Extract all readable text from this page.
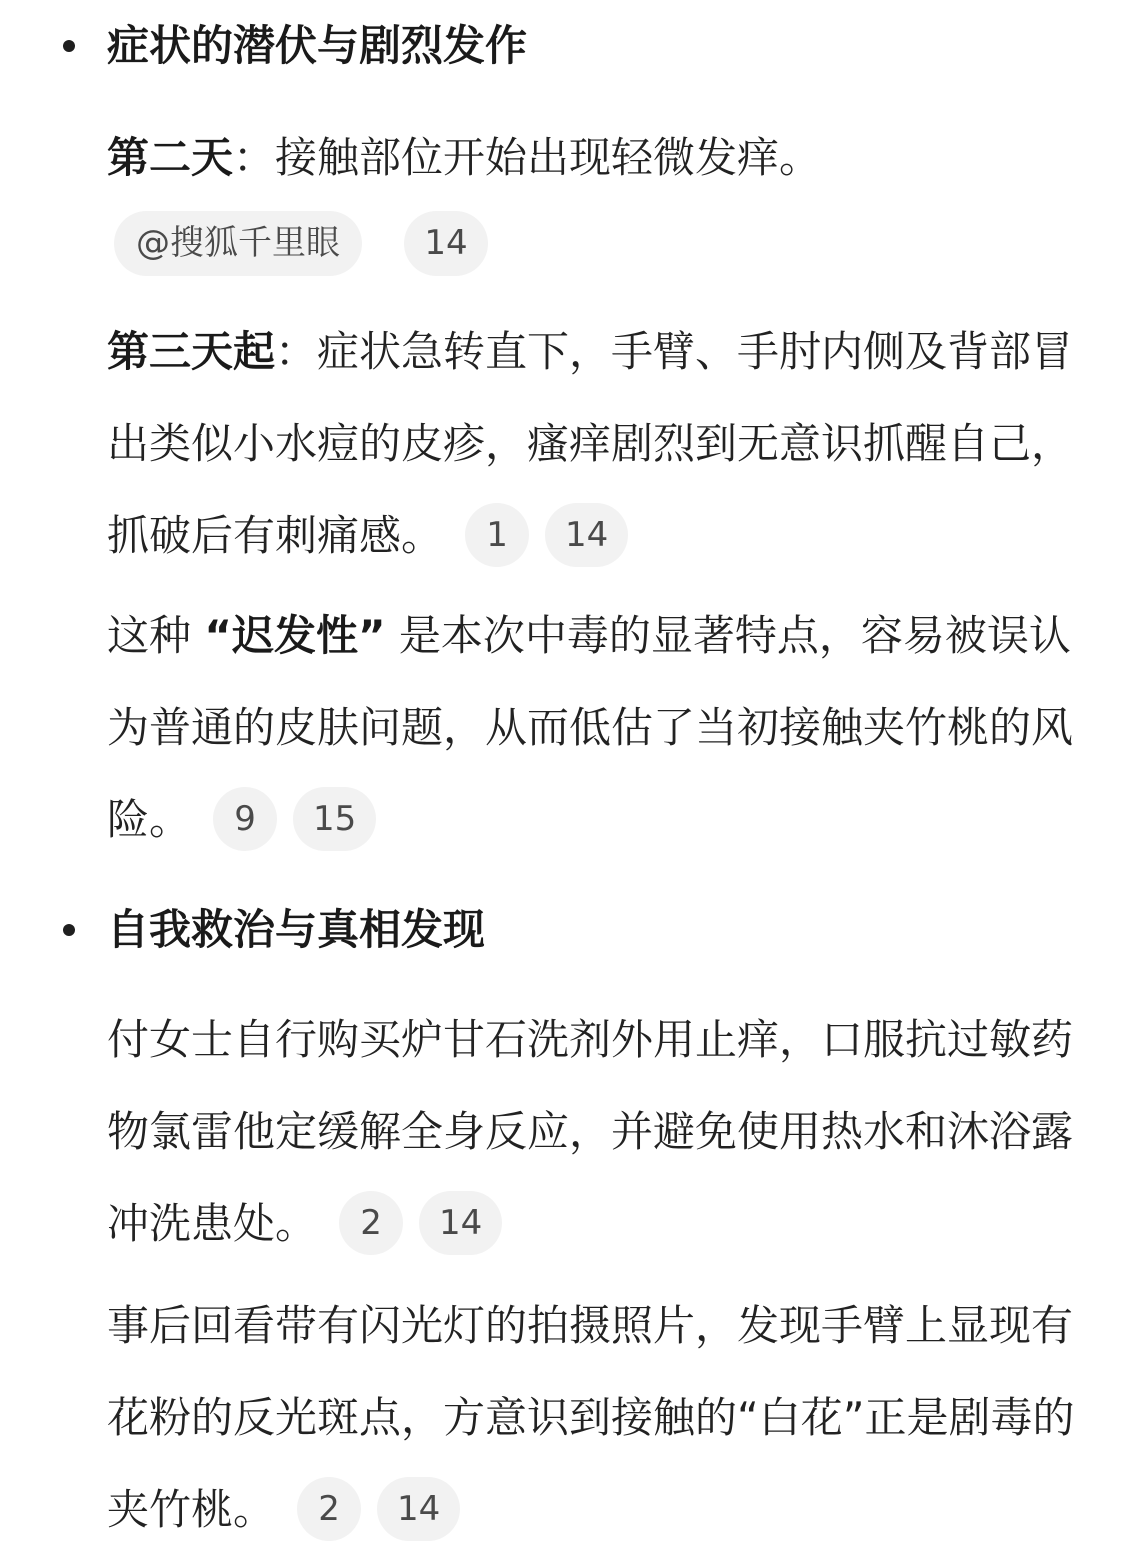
症状的潜伏与剧烈发作
第二天：接触部位开始出现轻微发痒。
@搜狐千里眼	14
第三天起：症状急转直下，手臂、手肘内侧及背部冒出类似小水痘的皮疹，瘙痒剧烈到无意识抓醒自己，抓破后有刺痛感。 1 14
这种 “迟发性” 是本次中毒的显著特点，容易被误认为普通的皮肤问题，从而低估了当初接触夹竹桃的风险。 9 15
自我救治与真相发现
付女士自行购买炉甘石洗剂外用止痒，口服抗过敏药物氯雷他定缓解全身反应，并避免使用热水和沐浴露冲洗患处。 2 14
事后回看带有闪光灯的拍摄照片，发现手臂上显现有花粉的反光斑点，方意识到接触的“白花”正是剧毒的夹竹桃。 2 14
